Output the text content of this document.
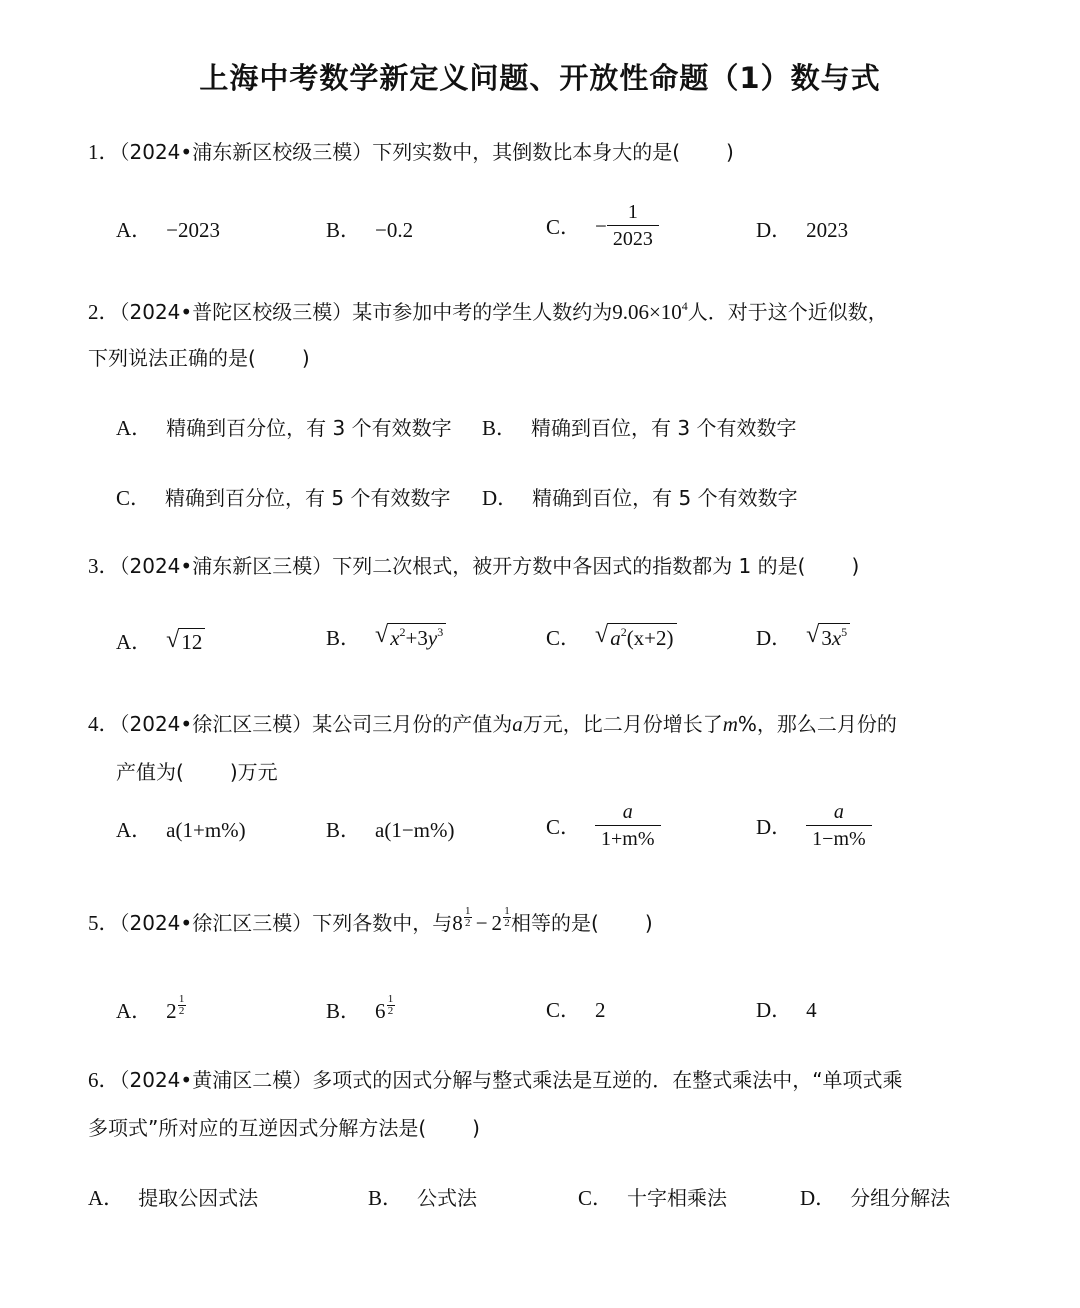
上海中考数学新定义问题、开放性命题（1）数与式
1．（2024•浦东新区校级三模）下列实数中，其倒数比本身大的是( )
A． −2023	B． −0.2	C． − $\frac{1}{2023}$	D． 2023
2．（2024•普陀区校级三模）某市参加中考的学生人数约为$9.06\times 10^4$人．对于这个近似数，
下列说法正确的是( )
A． 精确到百分位，有 3 个有效数字 B． 精确到百位，有 3 个有效数字
C． 精确到百分位，有 5 个有效数字 D． 精确到百位，有 5 个有效数字
3．（2024•浦东新区三模）下列二次根式，被开方数中各因式的指数都为 1 的是( )
A． √ 12	B． √ $x^2+3y^3$	C． √ $a^2(x+2)$	D． √ $3x^5$
4．（2024•徐汇区三模）某公司三月份的产值为a万元，比二月份增长了m%，那么二月份的
产值为( )万元
A． a(1+m%)	B． a(1−m%)	C． $\frac{a}{1+m\%}$	D． $\frac{a}{1-m\%}$
5．（2024•徐汇区三模）下列各数中，与$8 \frac{1}{2} - 2 \frac{1}{2}$ 相等的是( )
A． $2 \frac{1}{2}$	B． $6 \frac{1}{2}$	C． 2	D． 4
6．（2024•黄浦区二模）多项式的因式分解与整式乘法是互逆的．在整式乘法中，“单项式乘
多项式”所对应的互逆因式分解方法是( )
A． 提取公因式法	B． 公式法	C． 十字相乘法	D． 分组分解法
